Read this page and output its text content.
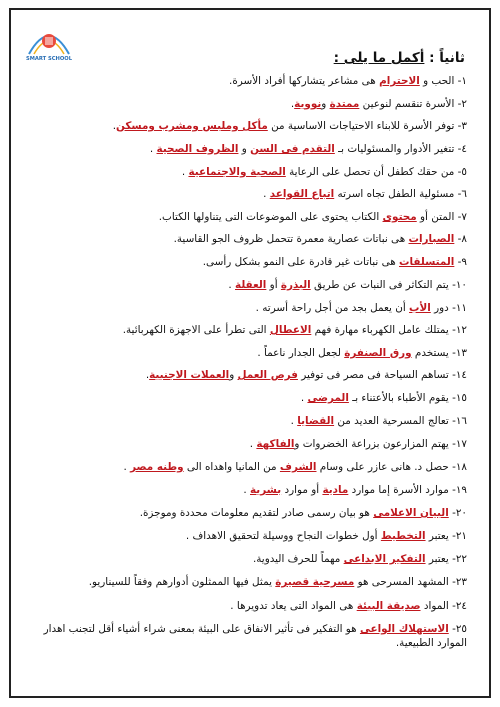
SMART SCHOOL	ثانياً : أكمل ما يلى :
١- الحب و الاحترام هى مشاعر يتشاركها أفراد الأسرة.
٢- الأسرة تنقسم لنوعين ممتدة ونووية.
٣- توفر الأسرة للابناء الاحتياجات الاساسية من مأكل وملبس ومشرب ومسكن.
٤- تتغير الأدوار والمسئوليات بـ التقدم فى السن و الظروف الصحية .
٥- من حقك كطفل أن تحصل على الرعاية الصحية والاجتماعية .
٦- مسئولية الطفل تجاه اسرته اتباع القواعد .
٧- المتن أو محتوى الكتاب يحتوى على الموضوعات التى يتناولها الكتاب.
٨- الصبارات هى نباتات عصارية معمرة تتحمل ظروف الجو القاسية.
٩- المتسلقات هى نباتات غير قادرة على النمو بشكل رأسى.
١٠- يتم التكاثر فى النبات عن طريق البذرة أو العقلة .
١١- دور الأب أن يعمل بجد من أجل راحة أسرته .
١٢- يمتلك عامل الكهرباء مهارة فهم الاعطال التى تطرأ على الاجهزة الكهربائية.
١٣- يستخدم ورق الصنفرة لجعل الجدار ناعماً .
١٤- تساهم السياحة فى مصر فى توفير فرص العمل والعملات الاجنبية.
١٥- يقوم الأطباء بالأعتناء بـ المرضى .
١٦- تعالج المسرحية العديد من القضايا .
١٧- يهتم المزارعون بزراعة الخضروات والفاكهة .
١٨- حصل د. هانى عازر على وسام الشرف من المانيا واهداه الى وطنه مصر .
١٩- موارد الأسرة إما موارد مادية أو موارد بشرية .
٢٠- البيان الاعلامى هو بيان رسمى صادر لتقديم معلومات محددة وموجزة.
٢١- يعتبر التخطيط أول خطوات النجاح ووسيلة لتحقيق الاهداف .
٢٢- يعتبر التفكير الابداعى مهماً للحرف اليدوية.
٢٣- المشهد المسرحى هو مسرحية قصيرة يمثل فيها الممثلون أدوارهم وفقاً للسيناريو.
٢٤- المواد صديقة البيئة هى المواد التى يعاد تدويرها .
٢٥- الاستهلاك الواعى هو التفكير فى تأثير الانفاق على البيئة بمعنى شراء أشياء أقل لتجنب اهدار الموارد الطبيعية.
